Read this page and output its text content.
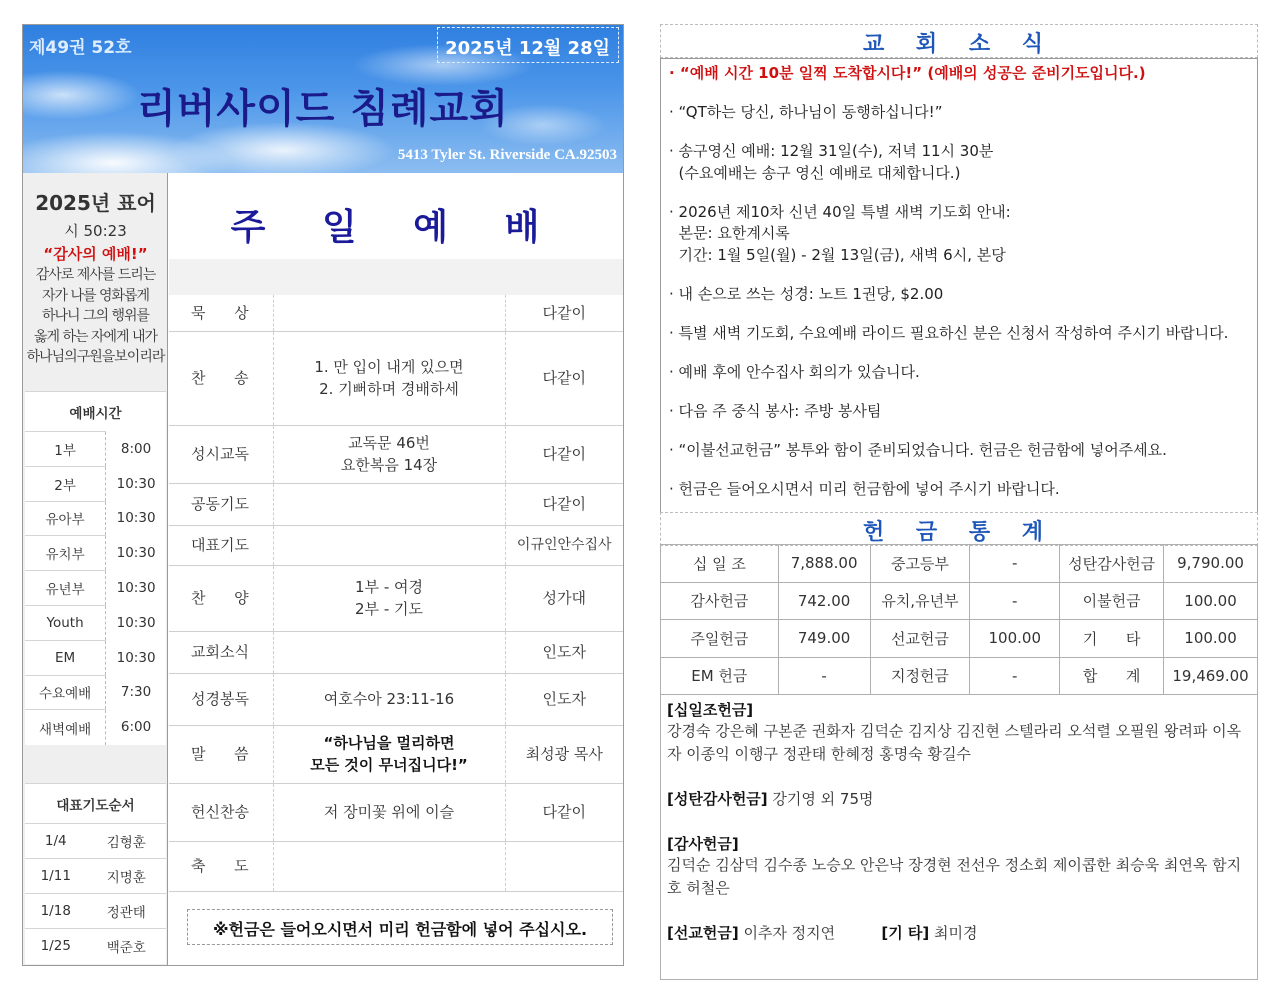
제49권 52호	2025년 12월 28일
리버사이드 침례교회
5413 Tyler St. Riverside CA.92503
2025년 표어
시 50:23
“감사의 예배!”
감사로 제사를 드리는
자가 나를 영화롭게
하나니 그의 행위를
옳게 하는 자에게 내가
하나님의구원을보이리라
예배시간	
1부	8:00
2부	10:30
유아부	10:30
유치부	10:30
유년부	10:30
Youth	10:30
EM	10:30
수요예배	7:30
새벽예배	6:00
대표기도순서	
1/4	김형훈
1/11	지명훈
1/18	정관태
1/25	백준호
주 일 예 배
묵      상		다같이
찬      송	1. 만 입이 내게 있으면
2. 기뻐하며 경배하세	다같이
성시교독	교독문 46번
요한복음 14장	다같이
공동기도		다같이
대표기도		이규인안수집사
찬      양	1부 - 여경
2부 - 기도	성가대
교회소식		인도자
성경봉독	여호수아 23:11-16	인도자
말      씀	“하나님을 멀리하면
모든 것이 무너집니다!”	최성광 목사
헌신찬송	저 장미꽃 위에 이슬	다같이
축      도		
※헌금은 들어오시면서 미리 헌금함에 넣어 주십시오.
교 회 소 식
· “예배 시간 10분 일찍 도착합시다!” (예배의 성공은 준비기도입니다.)
· “QT하는 당신, 하나님이 동행하십니다!”
· 송구영신 예배: 12월 31일(수), 저녁 11시 30분
(수요예배는 송구 영신 예배로 대체합니다.)
· 2026년 제10차 신년 40일 특별 새벽 기도회 안내:
본문: 요한계시록
기간: 1월 5일(월) - 2월 13일(금), 새벽 6시, 본당
· 내 손으로 쓰는 성경: 노트 1권당, $2.00
· 특별 새벽 기도회, 수요예배 라이드 필요하신 분은 신청서 작성하여 주시기 바랍니다.
· 예배 후에 안수집사 회의가 있습니다.
· 다음 주 중식 봉사: 주방 봉사팀
· “이불선교헌금” 봉투와 함이 준비되었습니다. 헌금은 헌금함에 넣어주세요.
· 헌금은 들어오시면서 미리 헌금함에 넣어 주시기 바랍니다.
헌 금 통 계
십 일 조	7,888.00	중고등부	-	성탄감사헌금	9,790.00
감사헌금	742.00	유치,유년부	-	이불헌금	100.00
주일헌금	749.00	선교헌금	100.00	기      타	100.00
EM 헌금	-	지정헌금	-	합      계	19,469.00
[십일조헌금]
강경숙 강은혜 구본준 권화자 김덕순 김지상 김진현 스텔라리 오석렬 오필원 왕려파 이옥자 이종익 이행구 정관태 한혜정 홍명숙 황길수
[성탄감사헌금] 강기영 외 75명
[감사헌금]
김덕순 김삼덕 김수종 노승오 안은낙 장경현 전선우 정소회 제이콥한 최승욱 최연옥 함지호 허철은
[선교헌금] 이추자 정지연	[기 타] 최미경
